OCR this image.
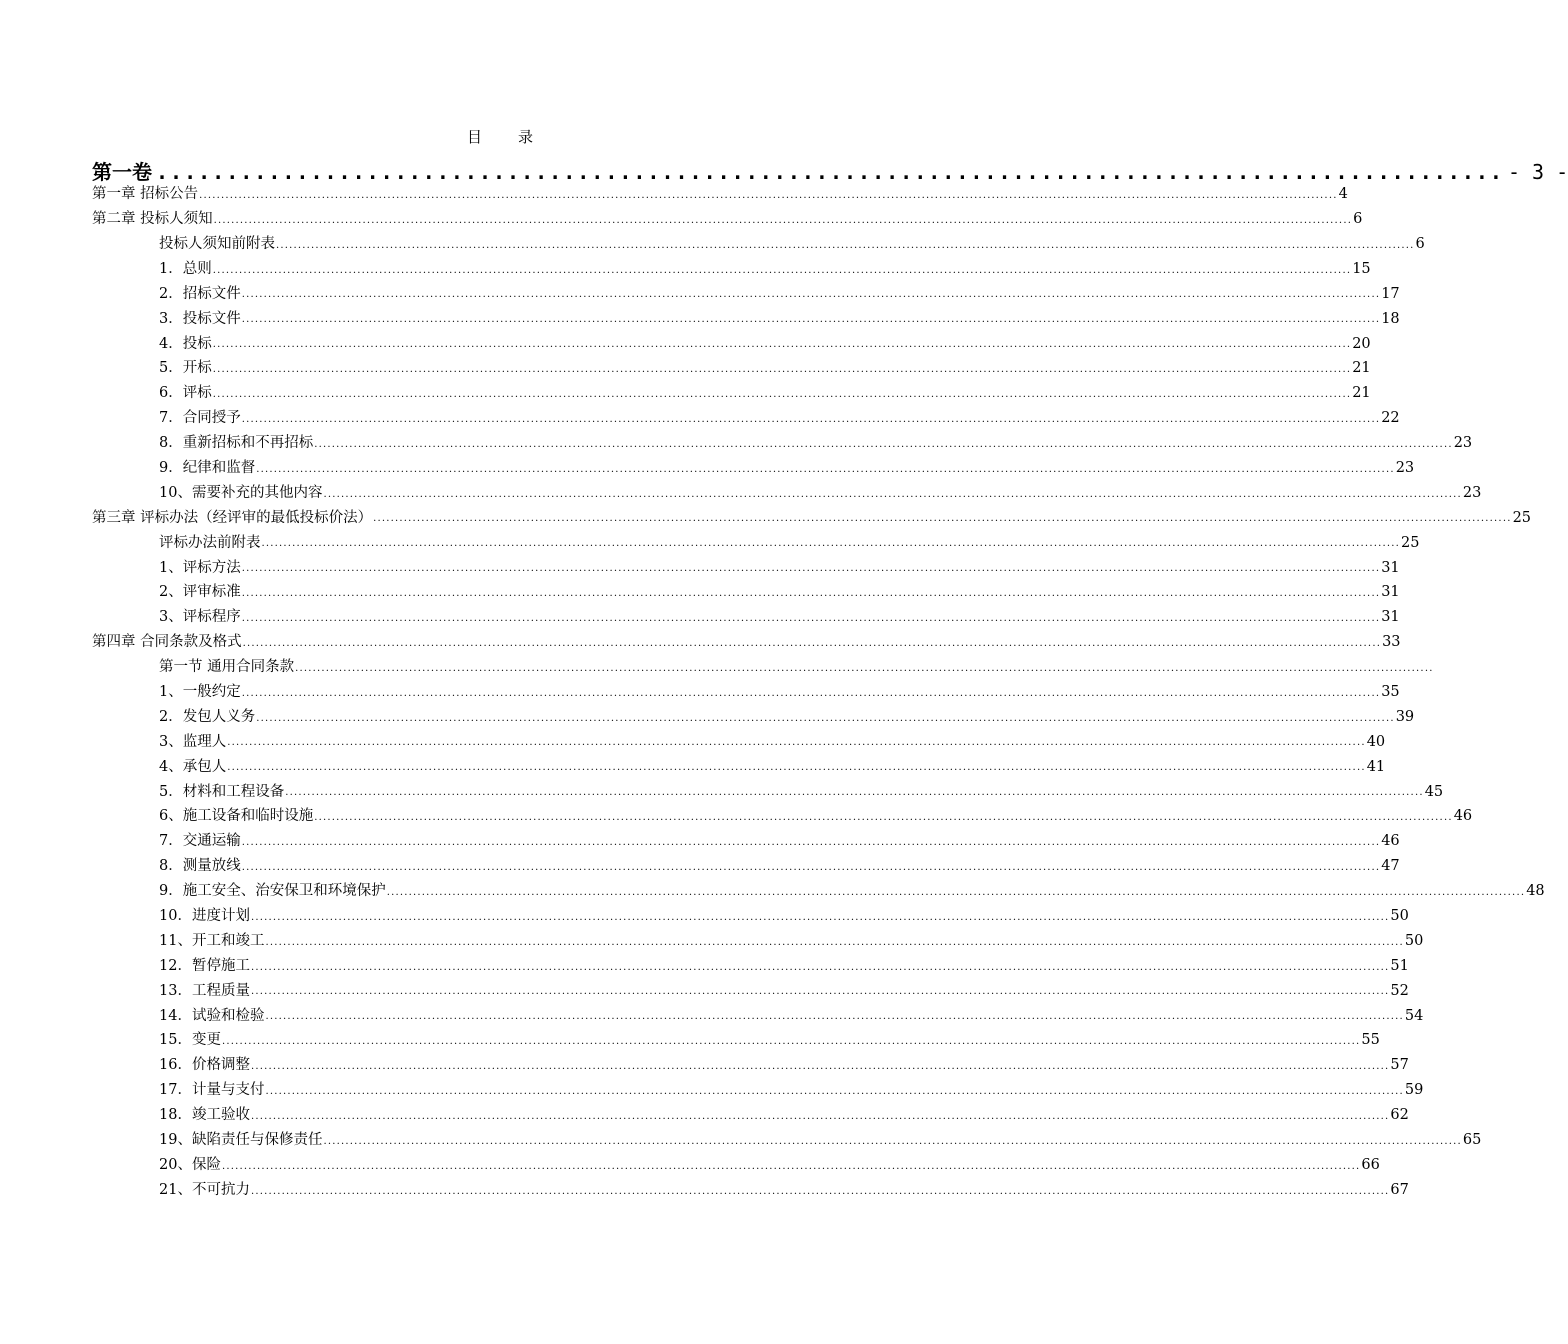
目 录
第一卷 ................................................................................................ - 3 -
第一章 招标公告 .................................................................................................................................................................................................................................................................... 4
第二章 投标人须知 .................................................................................................................................................................................................................................................................... 6
投标人须知前附表 .................................................................................................................................................................................................................................................................... 6
1．总则 .................................................................................................................................................................................................................................................................... 15
2．招标文件 .................................................................................................................................................................................................................................................................... 17
3．投标文件 .................................................................................................................................................................................................................................................................... 18
4．投标 .................................................................................................................................................................................................................................................................... 20
5．开标 .................................................................................................................................................................................................................................................................... 21
6．评标 .................................................................................................................................................................................................................................................................... 21
7．合同授予 .................................................................................................................................................................................................................................................................... 22
8．重新招标和不再招标 .................................................................................................................................................................................................................................................................... 23
9．纪律和监督 .................................................................................................................................................................................................................................................................... 23
10、需要补充的其他内容 .................................................................................................................................................................................................................................................................... 23
第三章 评标办法（经评审的最低投标价法） .................................................................................................................................................................................................................................................................... 25
评标办法前附表 .................................................................................................................................................................................................................................................................... 25
1、评标方法 .................................................................................................................................................................................................................................................................... 31
2、评审标准 .................................................................................................................................................................................................................................................................... 31
3、评标程序 .................................................................................................................................................................................................................................................................... 31
第四章 合同条款及格式 .................................................................................................................................................................................................................................................................... 33
第一节 通用合同条款 ....................................................................................................................................................................................................................................................................
1、一般约定 .................................................................................................................................................................................................................................................................... 35
2．发包人义务 .................................................................................................................................................................................................................................................................... 39
3、监理人 .................................................................................................................................................................................................................................................................... 40
4、承包人 .................................................................................................................................................................................................................................................................... 41
5．材料和工程设备 .................................................................................................................................................................................................................................................................... 45
6、施工设备和临时设施 .................................................................................................................................................................................................................................................................... 46
7．交通运输 .................................................................................................................................................................................................................................................................... 46
8．测量放线 .................................................................................................................................................................................................................................................................... 47
9．施工安全、治安保卫和环境保护 .................................................................................................................................................................................................................................................................... 48
10．进度计划 .................................................................................................................................................................................................................................................................... 50
11、开工和竣工 .................................................................................................................................................................................................................................................................... 50
12．暂停施工 .................................................................................................................................................................................................................................................................... 51
13．工程质量 .................................................................................................................................................................................................................................................................... 52
14．试验和检验 .................................................................................................................................................................................................................................................................... 54
15．变更 .................................................................................................................................................................................................................................................................... 55
16．价格调整 .................................................................................................................................................................................................................................................................... 57
17．计量与支付 .................................................................................................................................................................................................................................................................... 59
18．竣工验收 .................................................................................................................................................................................................................................................................... 62
19、缺陷责任与保修责任 .................................................................................................................................................................................................................................................................... 65
20、保险 .................................................................................................................................................................................................................................................................... 66
21、不可抗力 .................................................................................................................................................................................................................................................................... 67
